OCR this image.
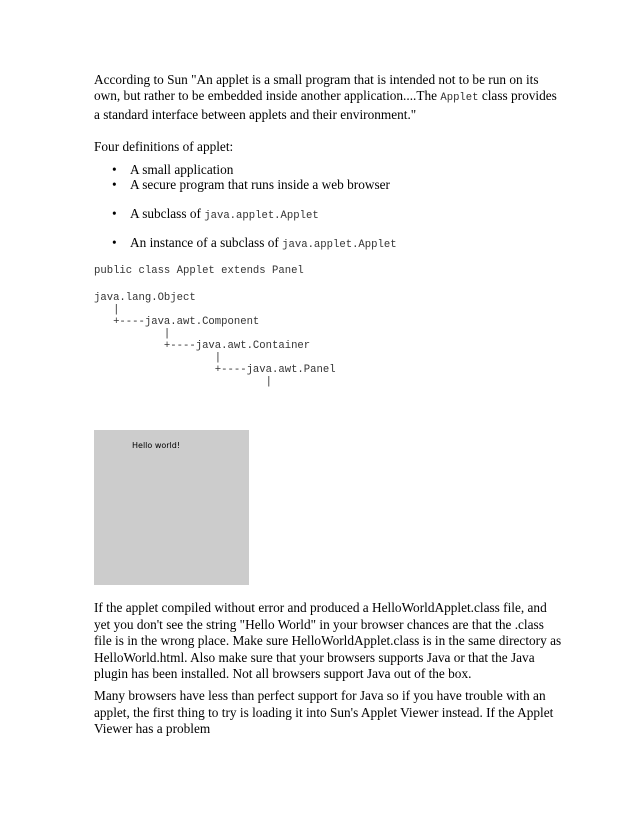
According to Sun "An applet is a small program that is intended not to be run on its own, but rather to be embedded inside another application....The Applet class provides a standard interface between applets and their environment."

Four definitions of applet:

• A small application
• A secure program that runs inside a web browser
• A subclass of java.applet.Applet
• An instance of a subclass of java.applet.Applet
public class Applet extends Panel
java.lang.Object
|
+----java.awt.Component
|
+----java.awt.Container
|
+----java.awt.Panel
|
Hello world!

If the applet compiled without error and produced a HelloWorldApplet.class file, and yet you don't see the string "Hello World" in your browser chances are that the .class file is in the wrong place. Make sure HelloWorldApplet.class is in the same directory as HelloWorld.html. Also make sure that your browsers supports Java or that the Java plugin has been installed. Not all browsers support Java out of the box.

Many browsers have less than perfect support for Java so if you have trouble with an applet, the first thing to try is loading it into Sun's Applet Viewer instead. If the Applet Viewer has a problem
